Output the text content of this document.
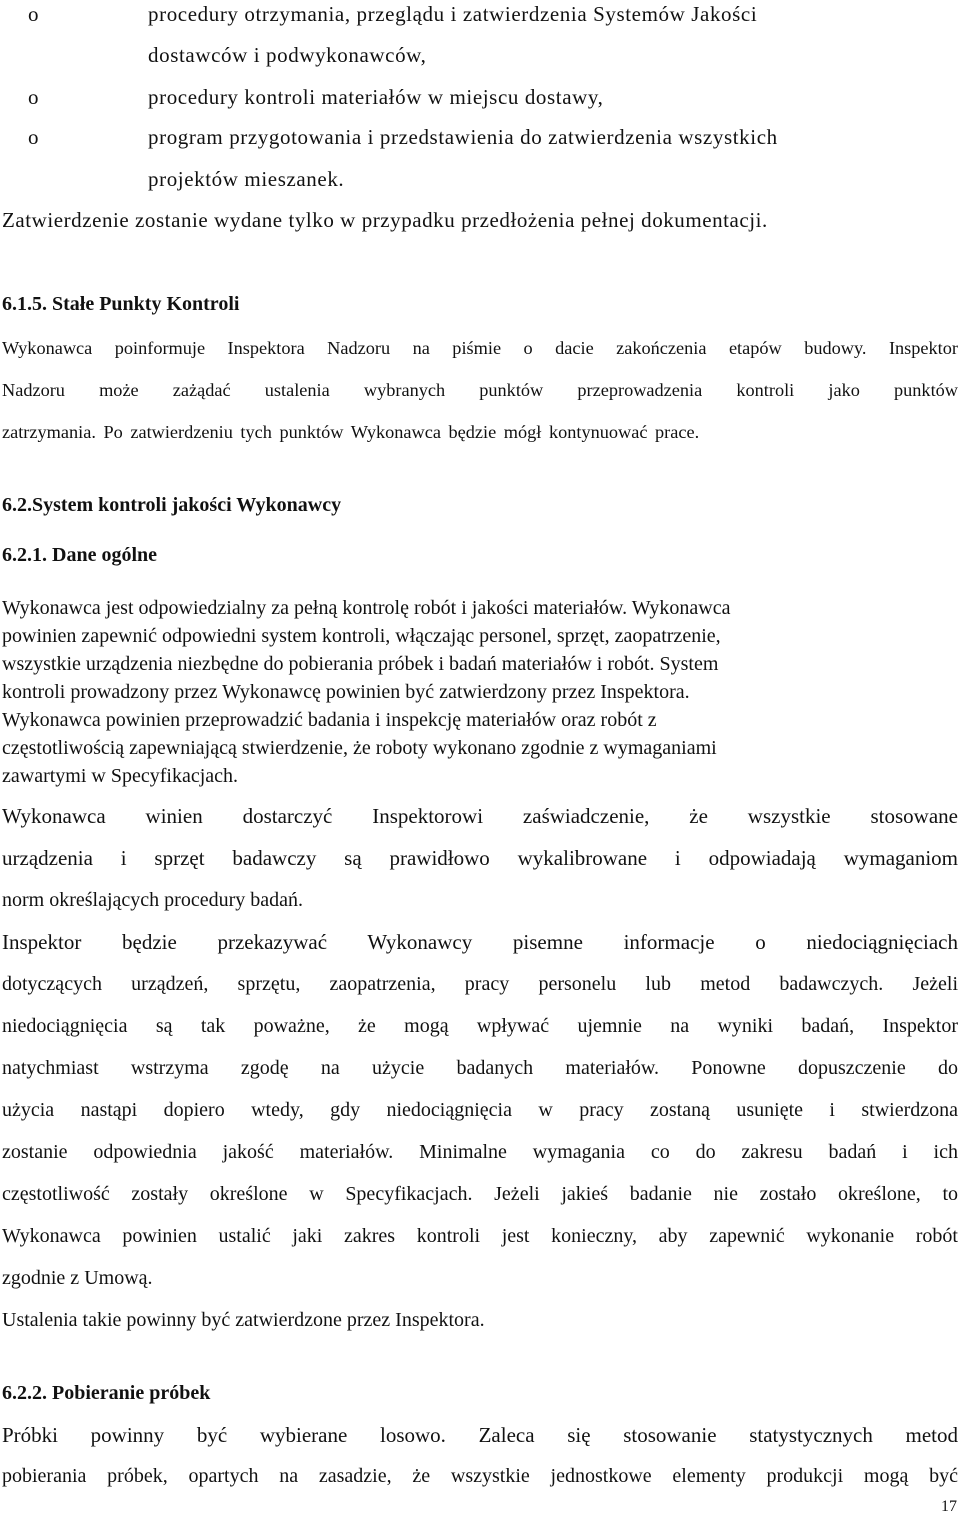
o	procedury otrzymania, przeglądu i zatwierdzenia Systemów Jakości
dostawców i podwykonawców,
o	procedury kontroli materiałów w miejscu dostawy,
o	program przygotowania i przedstawienia do zatwierdzenia wszystkich
projektów mieszanek.

Zatwierdzenie zostanie wydane tylko w przypadku przedłożenia pełnej dokumentacji.

6.1.5. Stałe Punkty Kontroli

Wykonawca poinformuje Inspektora Nadzoru na piśmie o dacie zakończenia etapów budowy. Inspektor

Nadzoru może zażądać ustalenia wybranych punktów przeprowadzenia kontroli jako punktów

zatrzymania. Po zatwierdzeniu tych punktów Wykonawca będzie mógł kontynuować prace.

6.2.System kontroli jakości Wykonawcy

6.2.1. Dane ogólne

Wykonawca jest odpowiedzialny za pełną kontrolę robót i jakości materiałów. Wykonawca

powinien zapewnić odpowiedni system kontroli, włączając personel, sprzęt, zaopatrzenie,

wszystkie urządzenia niezbędne do pobierania próbek i badań materiałów i robót. System

kontroli prowadzony przez Wykonawcę powinien być zatwierdzony przez Inspektora.

Wykonawca powinien przeprowadzić badania i inspekcję materiałów oraz robót z

częstotliwością zapewniającą stwierdzenie, że roboty wykonano zgodnie z wymaganiami

zawartymi w Specyfikacjach.

Wykonawca winien dostarczyć Inspektorowi zaświadczenie, że wszystkie stosowane

urządzenia i sprzęt badawczy są prawidłowo wykalibrowane i odpowiadają wymaganiom

norm określających procedury badań.

Inspektor będzie przekazywać Wykonawcy pisemne informacje o niedociągnięciach

dotyczących urządzeń, sprzętu, zaopatrzenia, pracy personelu lub metod badawczych. Jeżeli

niedociągnięcia są tak poważne, że mogą wpływać ujemnie na wyniki badań, Inspektor

natychmiast wstrzyma zgodę na użycie badanych materiałów. Ponowne dopuszczenie do

użycia nastąpi dopiero wtedy, gdy niedociągnięcia w pracy zostaną usunięte i stwierdzona

zostanie odpowiednia jakość materiałów. Minimalne wymagania co do zakresu badań i ich

częstotliwość zostały określone w Specyfikacjach. Jeżeli jakieś badanie nie zostało określone, to

Wykonawca powinien ustalić jaki zakres kontroli jest konieczny, aby zapewnić wykonanie robót

zgodnie z Umową.

Ustalenia takie powinny być zatwierdzone przez Inspektora.

6.2.2. Pobieranie próbek

Próbki powinny być wybierane losowo. Zaleca się stosowanie statystycznych metod

pobierania próbek, opartych na zasadzie, że wszystkie jednostkowe elementy produkcji mogą być

17
